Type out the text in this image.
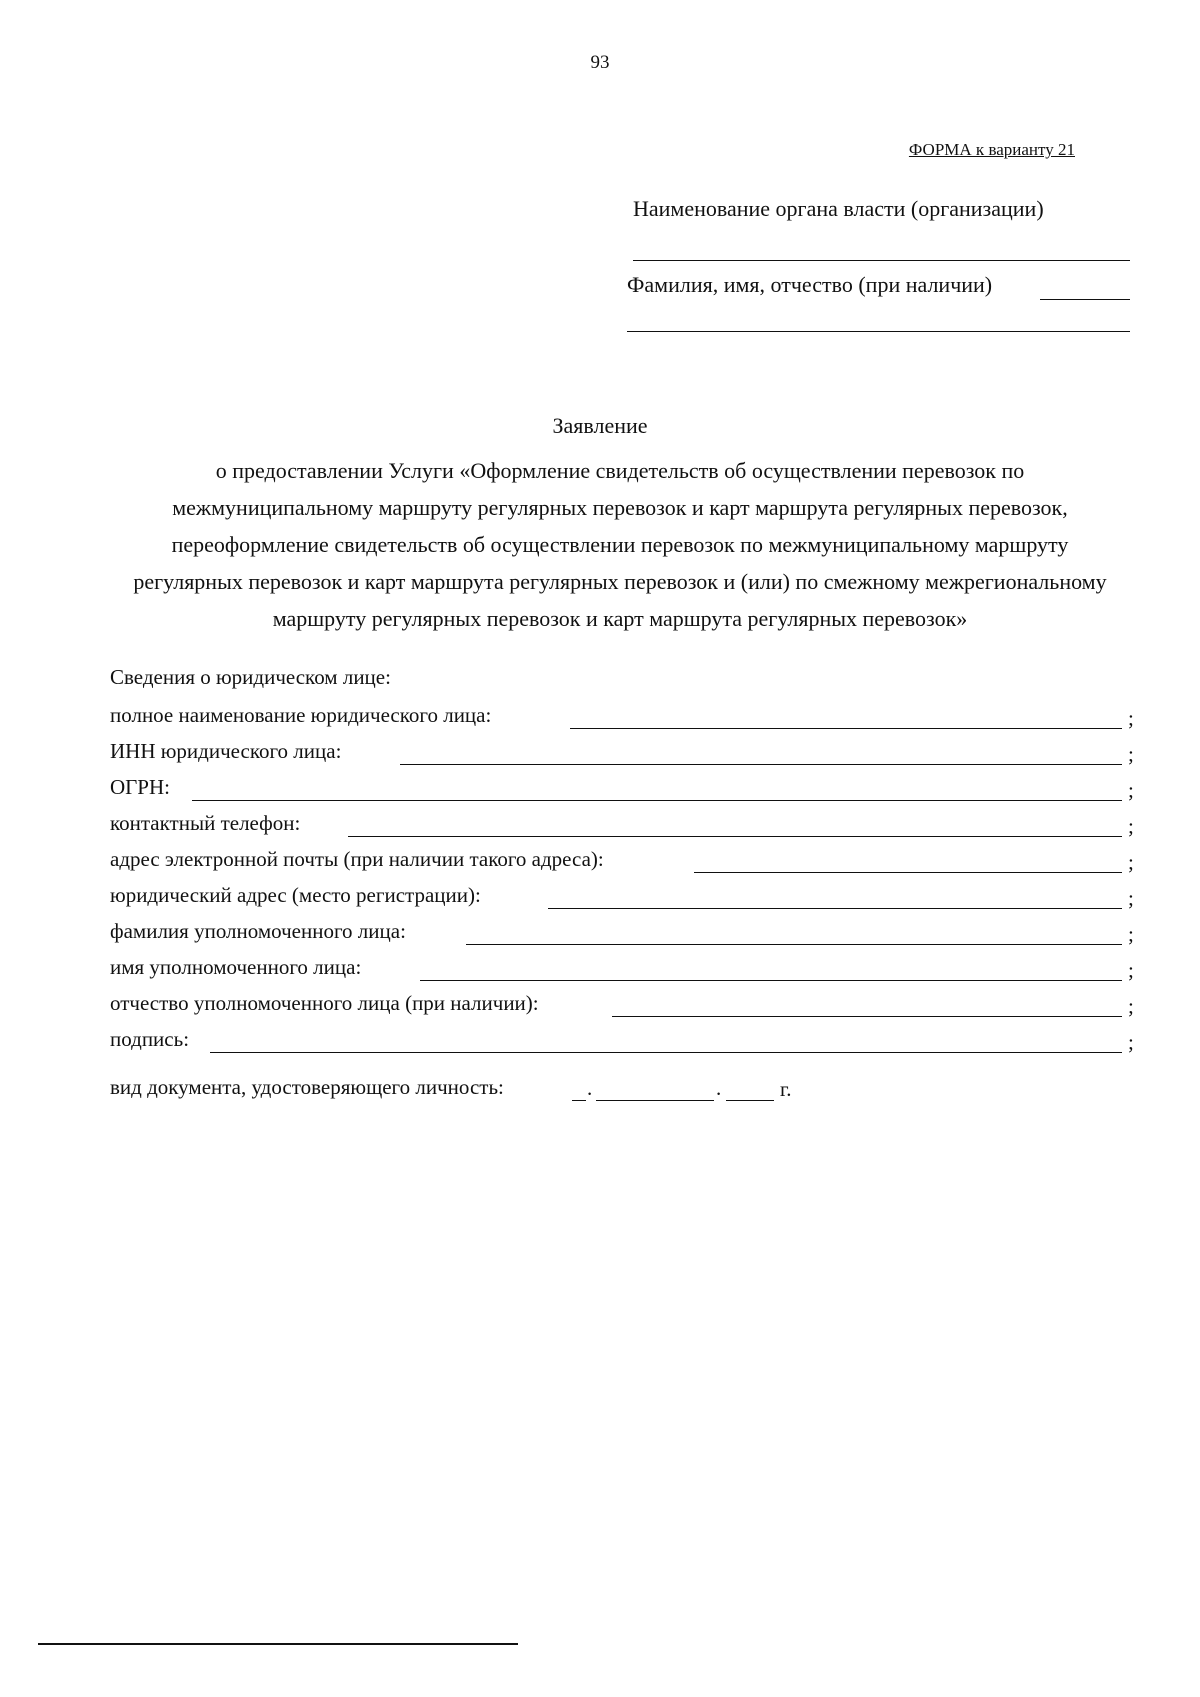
93
ФОРМА к варианту 21
Наименование органа власти (организации)
Фамилия, имя, отчество (при наличии)
Заявление
о предоставлении Услуги «Оформление свидетельств об осуществлении перевозок по межмуниципальному маршруту регулярных перевозок и карт маршрута регулярных перевозок, переоформление свидетельств об осуществлении перевозок по межмуниципальному маршруту регулярных перевозок и карт маршрута регулярных перевозок и (или) по смежному межрегиональному маршруту регулярных перевозок и карт маршрута регулярных перевозок»
Сведения о юридическом лице:
полное наименование юридического лица:	;
ИНН юридического лица:	;
ОГРН:	;
контактный телефон:	;
адрес электронной почты (при наличии такого адреса):	;
юридический адрес (место регистрации):	;
фамилия уполномоченного лица:	;
имя уполномоченного лица:	;
отчество уполномоченного лица (при наличии):	;
подпись:	;
вид документа, удостоверяющего личность:	.	.	г.
